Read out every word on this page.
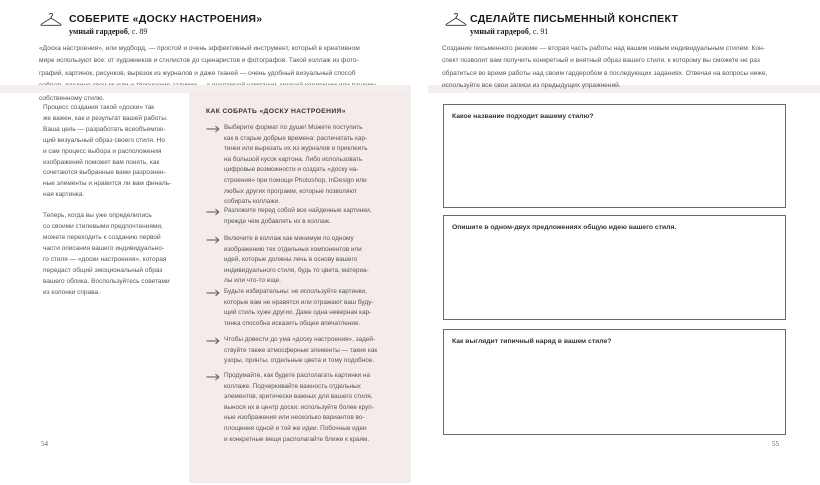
СОБЕРИТЕ «ДОСКУ НАСТРОЕНИЯ»
умный гардероб, с. 89

«Доска настроения», или мудборд, — простой и очень эффективный инструмент, который в креативном

мире используют все: от художников и стилистов до сценаристов и фотографов. Такой коллаж из фото-

графий, картинок, рисунков, вырезок из журналов и даже тканей — очень удобный визуальный способ

собственному стилю.

Процесс создания такой «доски» так

же важен, как и результат вашей работы.

Ваша цель — разработать всеобъемлю-

щий визуальный образ своего стиля. Но

и сам процесс выбора и расположения

изображений поможет вам понять, как

сочетаются выбранные вами разрознен-

ные элементы и нравится ли вам финаль-

ная картинка.

Теперь, когда вы уже определились

со своими стилевыми предпочтениями,

можете переходить к созданию первой

части описания вашего индивидуально-

го стиля — «доски настроения», которая

передаст общий эмоциональный образ

вашего облика. Воспользуйтесь советами

из колонки справа.

КАК СОБРАТЬ «ДОСКУ НАСТРОЕНИЯ»

Выберите формат по душе! Можете поступить

как в старые добрые времена: распечатать кар-

тинки или вырезать их из журналов и приклеить

на большой кусок картона. Либо использовать

цифровые возможности и создать «доску на-

строения» при помощи Photoshop, InDesign или

любых других программ, которые позволяют

собирать коллажи.

Разложите перед собой все найденные картинки,

прежде чем добавлять их в коллаж.

Включите в коллаж как минимум по одному

изображению тех отдельных компонентов или

идей, которые должны лечь в основу вашего

индивидуального стиля, будь то цвета, материа-

лы или что-то еще.

Будьте избирательны: не используйте картинки,

которые вам не нравятся или отражают ваш буду-

щий стиль хуже других. Даже одна неверная кар-

тинка способна исказить общее впечатление.

Чтобы довести до ума «доску настроения», задей-

ствуйте также атмосферные элементы — такие как

узоры, принты, отдельные цвета и тому подобное.

Продумайте, как будете располагать картинки на

коллаже. Подчеркивайте важность отдельных

элементов, критически важных для вашего стиля,

вынося их в центр доски; используйте более круп-

ные изображения или несколько вариантов во-

площения одной и той же идеи. Побочные идеи

и конкретные вещи располагайте ближе к краям.

54
СДЕЛАЙТЕ ПИСЬМЕННЫЙ КОНСПЕКТ
умный гардероб, с. 91

Создание письменного резюме — вторая часть работы над вашим новым индивидуальным стилем. Кон-

спект позволит вам получить конкретный и внятный образ вашего стиля, к которому вы сможете не раз

обратиться во время работы над своим гардеробом в последующих заданиях. Отвечая на вопросы ниже,

используйте все свои записи из предыдущих упражнений.

Какое название подходит вашему стилю?
Опишите в одном-двух предложениях общую идею вашего стиля.
Как выглядит типичный наряд в вашем стиле?
55
